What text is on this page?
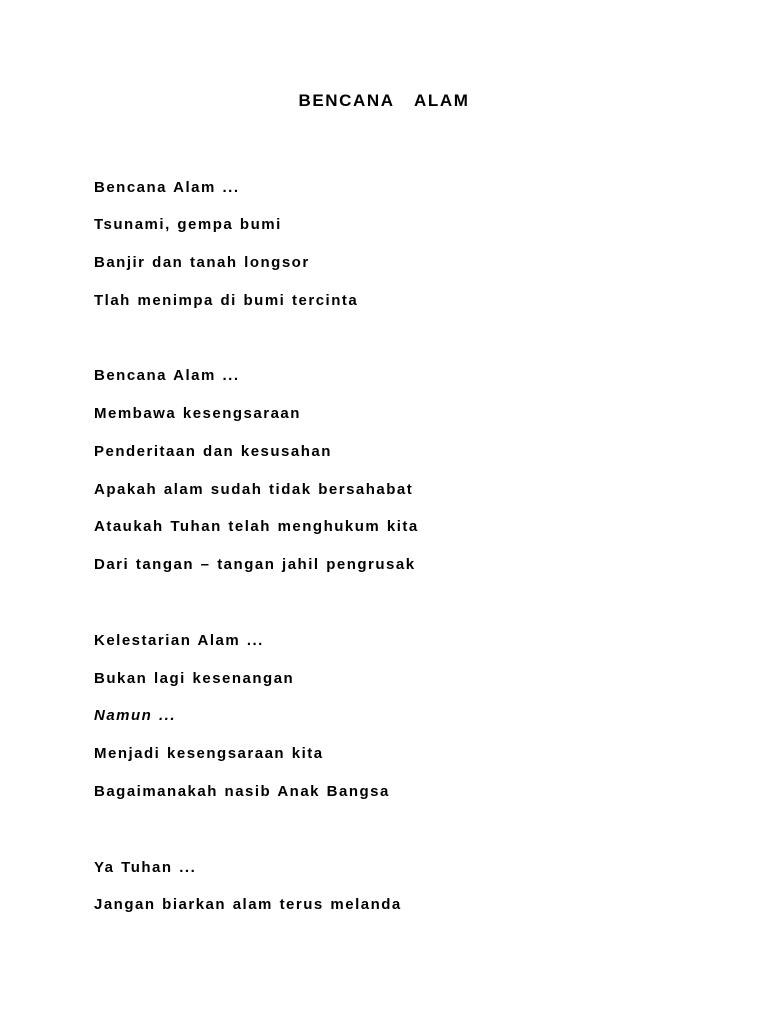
BENCANA  ALAM
Bencana Alam ...
Tsunami, gempa bumi
Banjir dan tanah longsor
Tlah menimpa di bumi tercinta
Bencana Alam ...
Membawa kesengsaraan
Penderitaan dan kesusahan
Apakah alam sudah tidak bersahabat
Ataukah Tuhan telah menghukum kita
Dari tangan – tangan jahil pengrusak
Kelestarian Alam ...
Bukan lagi kesenangan
Namun ...
Menjadi kesengsaraan kita
Bagaimanakah nasib Anak Bangsa
Ya Tuhan ...
Jangan biarkan alam terus melanda
